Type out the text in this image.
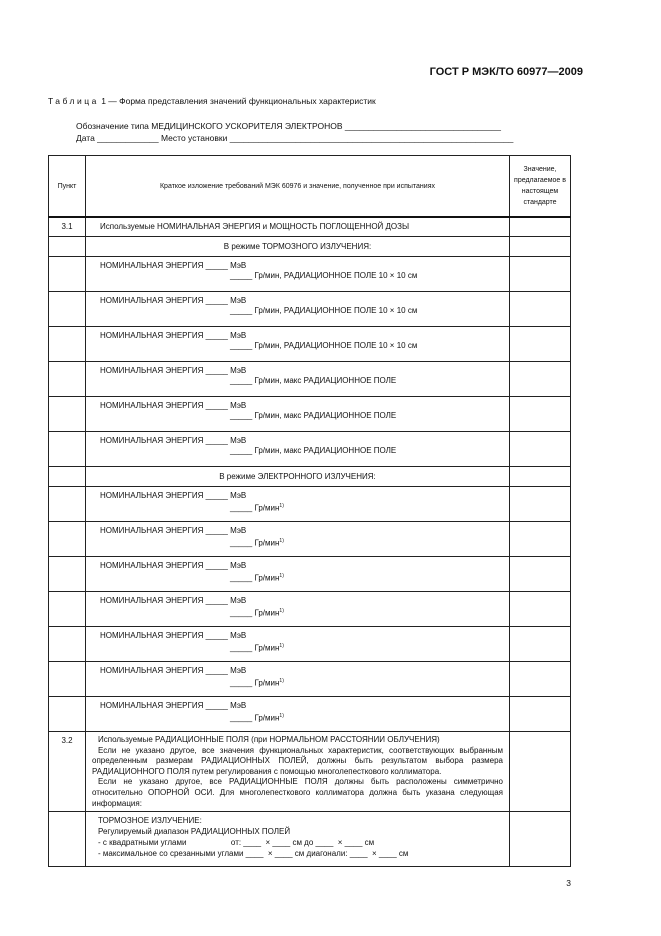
ГОСТ Р МЭК/ТО 60977—2009
Таблица 1 — Форма представления значений функциональных характеристик
Обозначение типа МЕДИЦИНСКОГО УСКОРИТЕЛЯ ЭЛЕКТРОНОВ _________________________________
Дата _____________ Место установки ____________________________________________________________
Пункт	Краткое изложение требований МЭК 60976 и значение, полученное при испытаниях	Значение, предлагаемое в настоящем стандарте
3.1	Используемые НОМИНАЛЬНАЯ ЭНЕРГИЯ и МОЩНОСТЬ ПОГЛОЩЕННОЙ ДОЗЫ	
	В режиме ТОРМОЗНОГО ИЗЛУЧЕНИЯ:	

	НОМИНАЛЬНАЯ ЭНЕРГИЯ _____ МэВ
_____ Гр/мин, РАДИАЦИОННОЕ ПОЛЕ 10 × 10 см	

	НОМИНАЛЬНАЯ ЭНЕРГИЯ _____ МэВ
_____ Гр/мин, РАДИАЦИОННОЕ ПОЛЕ 10 × 10 см	

	НОМИНАЛЬНАЯ ЭНЕРГИЯ _____ МэВ
_____ Гр/мин, РАДИАЦИОННОЕ ПОЛЕ 10 × 10 см	

	НОМИНАЛЬНАЯ ЭНЕРГИЯ _____ МэВ
_____ Гр/мин, макс РАДИАЦИОННОЕ ПОЛЕ	

	НОМИНАЛЬНАЯ ЭНЕРГИЯ _____ МэВ
_____ Гр/мин, макс РАДИАЦИОННОЕ ПОЛЕ	

	НОМИНАЛЬНАЯ ЭНЕРГИЯ _____ МэВ
_____ Гр/мин, макс РАДИАЦИОННОЕ ПОЛЕ	

	В режиме ЭЛЕКТРОННОГО ИЗЛУЧЕНИЯ:	

	НОМИНАЛЬНАЯ ЭНЕРГИЯ _____ МэВ
_____ Гр/мин$^{1)}$

	НОМИНАЛЬНАЯ ЭНЕРГИЯ _____ МэВ
_____ Гр/мин$^{1)}$

	НОМИНАЛЬНАЯ ЭНЕРГИЯ _____ МэВ
_____ Гр/мин$^{1)}$

	НОМИНАЛЬНАЯ ЭНЕРГИЯ _____ МэВ
_____ Гр/мин$^{1)}$

	НОМИНАЛЬНАЯ ЭНЕРГИЯ _____ МэВ
_____ Гр/мин$^{1)}$

	НОМИНАЛЬНАЯ ЭНЕРГИЯ _____ МэВ
_____ Гр/мин$^{1)}$

	НОМИНАЛЬНАЯ ЭНЕРГИЯ _____ МэВ
_____ Гр/мин$^{1)}$

3.2	Используемые РАДИАЦИОННЫЕ ПОЛЯ (при НОРМАЛЬНОМ РАССТОЯНИИ ОБЛУЧЕНИЯ)
Если не указано другое, все значения функциональных характеристик, соответствующих выбранным определенным размерам РАДИАЦИОННЫХ ПОЛЕЙ, должны быть результатом выбора размера РАДИАЦИОННОГО ПОЛЯ путем регулирования с помощью многолепесткового коллиматора.
Если не указано другое, все РАДИАЦИОННЫЕ ПОЛЯ должны быть расположены симметрично относительно ОПОРНОЙ ОСИ. Для многолепесткового коллиматора должна быть указана следующая информация:	

	ТОРМОЗНОЕ ИЗЛУЧЕНИЕ:
Регулируемый диапазон РАДИАЦИОННЫХ ПОЛЕЙ
- с квадратными углами                    от: ____  × ____ см до ____  × ____ см
- максимальное со срезанными углами ____  × ____ см диагонали: ____  × ____ см	

3
